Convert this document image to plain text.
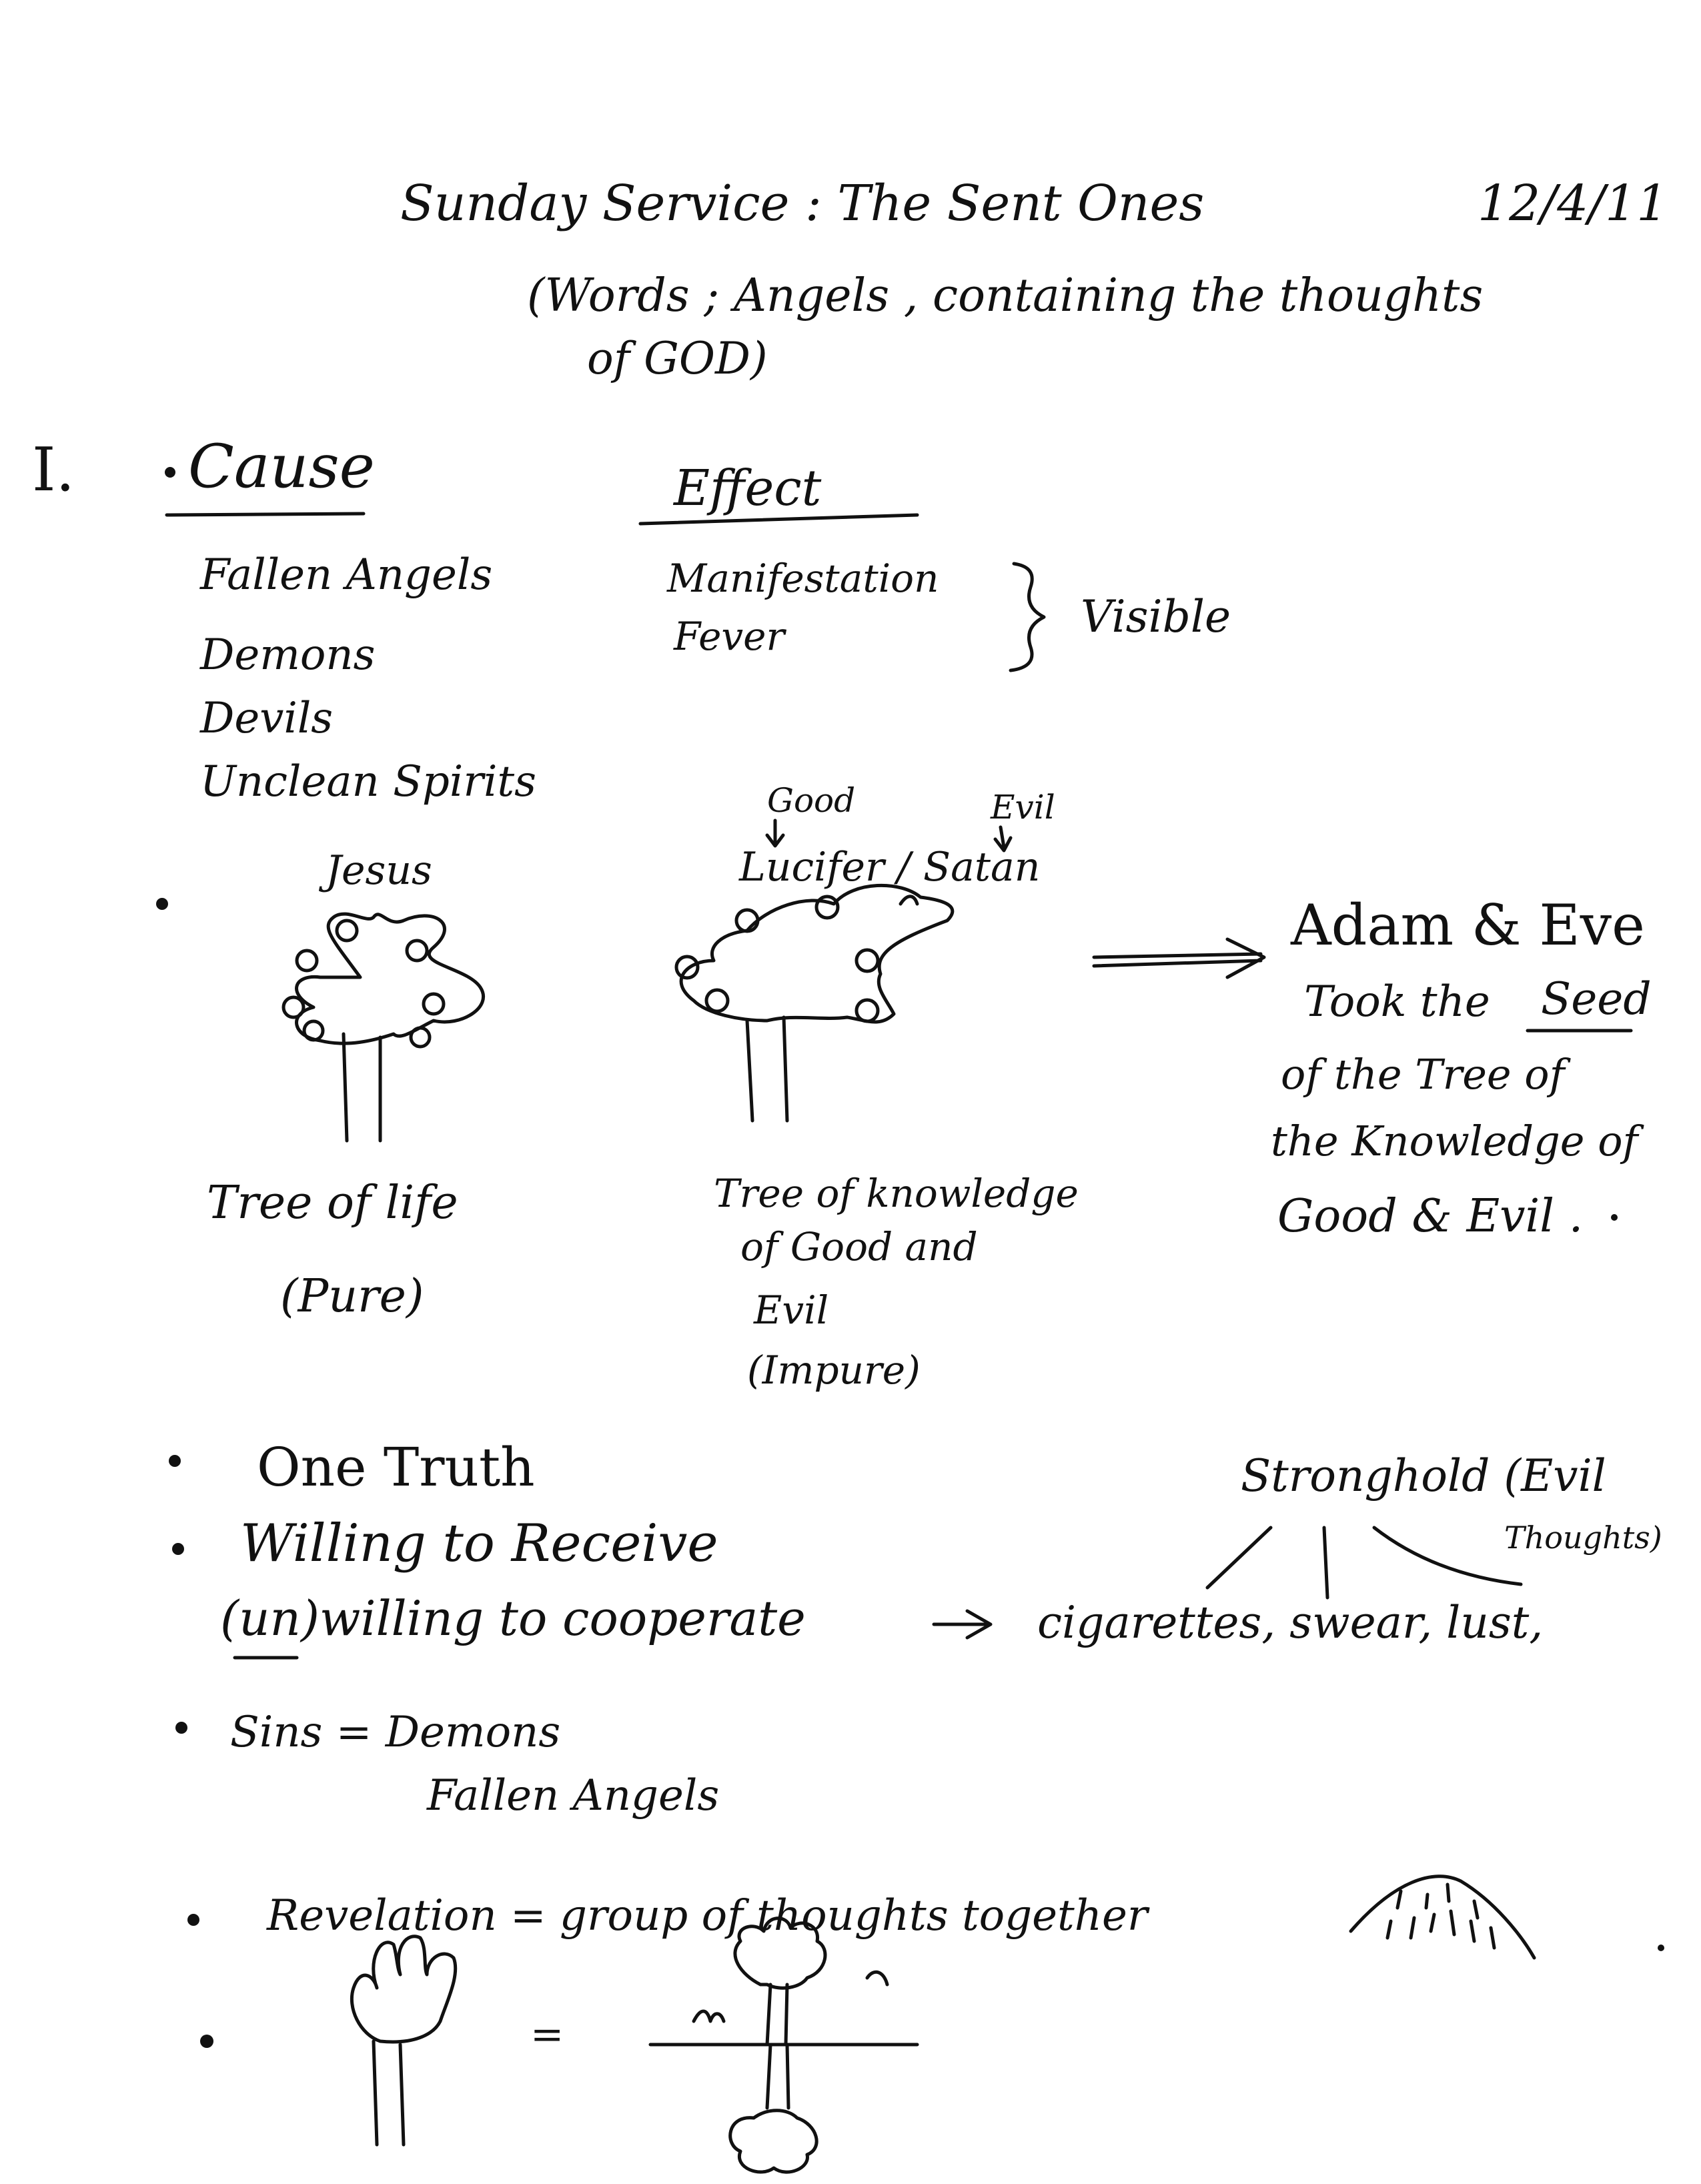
Sunday Service : The Sent Ones	12/4/11
(Words ; Angels , containing the thoughts
of GOD)
I. Cause	Effect
Fallen Angels
Demons
Devils
Unclean Spirits
Manifestation
Fever	Visible
Jesus
Good	Evil
Lucifer / Satan
Tree of life
(Pure)
Tree of knowledge
of Good and
Evil
(Impure)
Adam & Eve
Took the Seed
of the Tree of
the Knowledge of
Good & Evil .
One Truth
Willing to Receive
(un)willing to cooperate
Stronghold (Evil
Thoughts)
cigarettes, swear, lust,
Sins = Demons
Fallen Angels
Revelation = group of thoughts together
=
